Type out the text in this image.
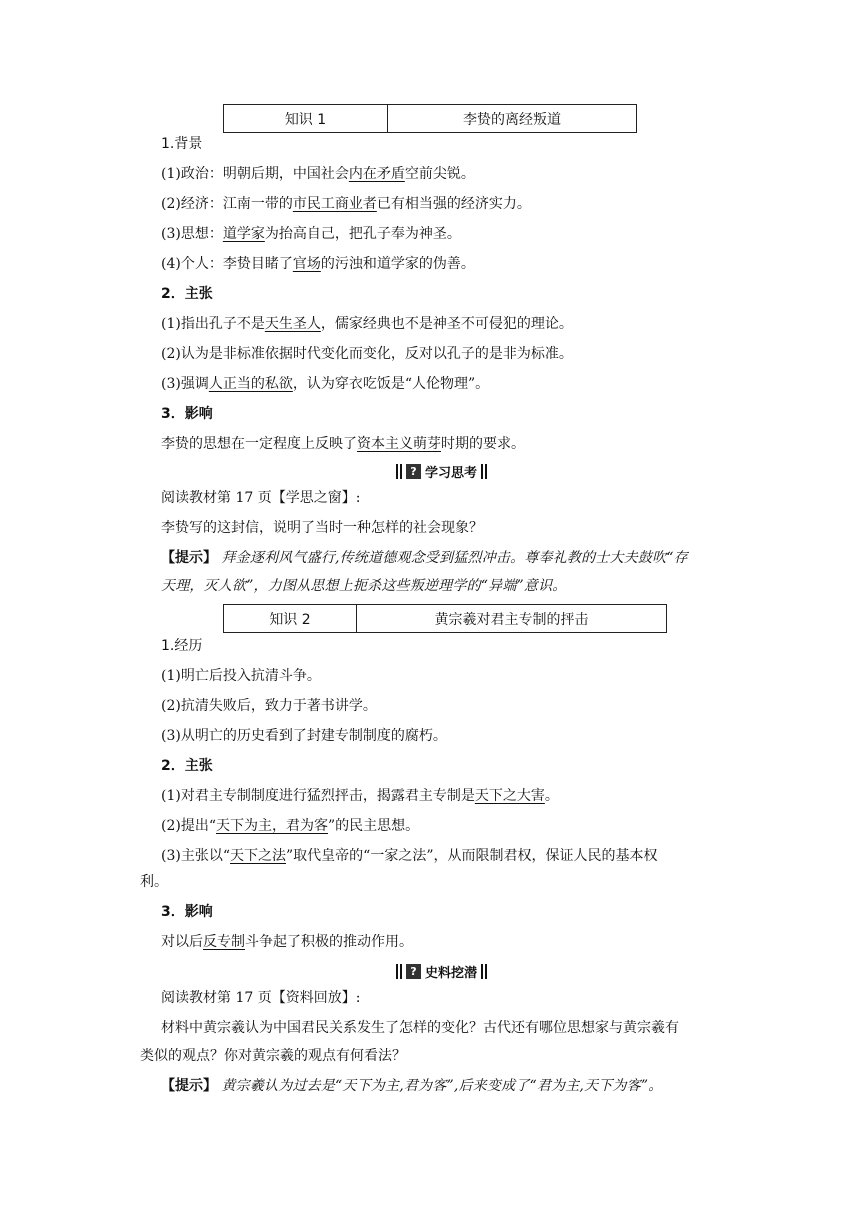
知识 1	李贽的离经叛道
1.背景
(1)政治：明朝后期，中国社会内在矛盾空前尖锐。
(2)经济：江南一带的市民工商业者已有相当强的经济实力。
(3)思想：道学家为抬高自己，把孔子奉为神圣。
(4)个人：李贽目睹了官场的污浊和道学家的伪善。
2．主张
(1)指出孔子不是天生圣人，儒家经典也不是神圣不可侵犯的理论。
(2)认为是非标准依据时代变化而变化，反对以孔子的是非为标准。
(3)强调人正当的私欲，认为穿衣吃饭是“人伦物理”。
3．影响
李贽的思想在一定程度上反映了资本主义萌芽时期的要求。
? 学习思考
阅读教材第 17 页【学思之窗】:
李贽写的这封信，说明了当时一种怎样的社会现象？
【提示】 拜金逐利风气盛行,传统道德观念受到猛烈冲击。尊奉礼教的士大夫鼓吹“存
天理，灭人欲”，力图从思想上扼杀这些叛逆理学的“异端”意识。
知识 2	黄宗羲对君主专制的抨击
1.经历
(1)明亡后投入抗清斗争。
(2)抗清失败后，致力于著书讲学。
(3)从明亡的历史看到了封建专制制度的腐朽。
2．主张
(1)对君主专制制度进行猛烈抨击，揭露君主专制是天下之大害。
(2)提出“天下为主，君为客”的民主思想。
(3)主张以“天下之法”取代皇帝的“一家之法”，从而限制君权，保证人民的基本权
利。
3．影响
对以后反专制斗争起了积极的推动作用。
? 史料挖潜
阅读教材第 17 页【资料回放】:
材料中黄宗羲认为中国君民关系发生了怎样的变化？古代还有哪位思想家与黄宗羲有
类似的观点？你对黄宗羲的观点有何看法？
【提示】 黄宗羲认为过去是“天下为主,君为客”,后来变成了“君为主,天下为客”。
